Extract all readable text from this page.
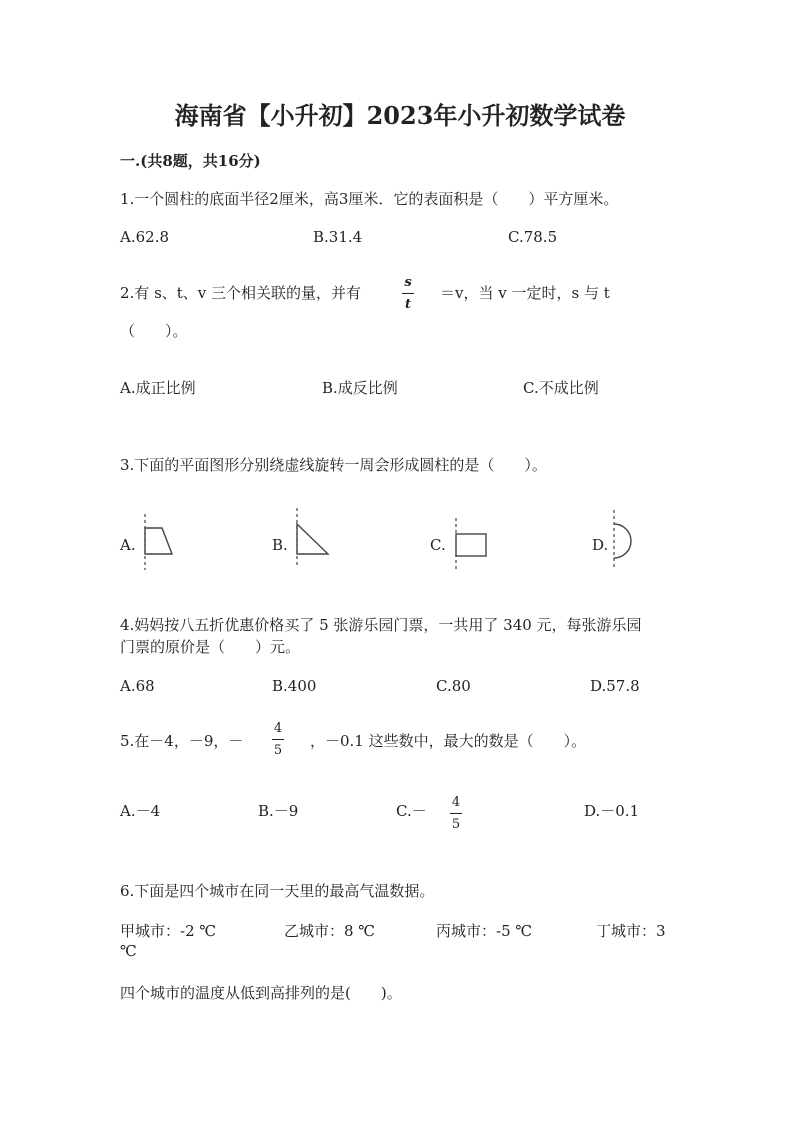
海南省【小升初】2023年小升初数学试卷
一.(共8题，共16分)
1.一个圆柱的底面半径2厘米，高3厘米．它的表面积是（　　）平方厘米。
A.62.8	B.31.4	C.78.5
2.有 s、t、v 三个相关联的量，并有
s
t
＝v，当 v 一定时，s 与 t
（　　）。
A.成正比例	B.成反比例	C.不成比例
3.下面的平面图形分别绕虚线旋转一周会形成圆柱的是（　　）。
A.	B.	C.	D.
4.妈妈按八五折优惠价格买了 5 张游乐园门票，一共用了 340 元，每张游乐园
门票的原价是（　　）元。
A.68	B.400	C.80	D.57.8
5.在－4，－9，－
4
5
，－0.1 这些数中，最大的数是（　　）。
A.－4	B.－9	C.－ 4
5
D.－0.1
6.下面是四个城市在同一天里的最高气温数据。
甲城市：-2 ℃	乙城市：8 ℃	丙城市：-5 ℃	丁城市：3
℃
四个城市的温度从低到高排列的是(　　)。
